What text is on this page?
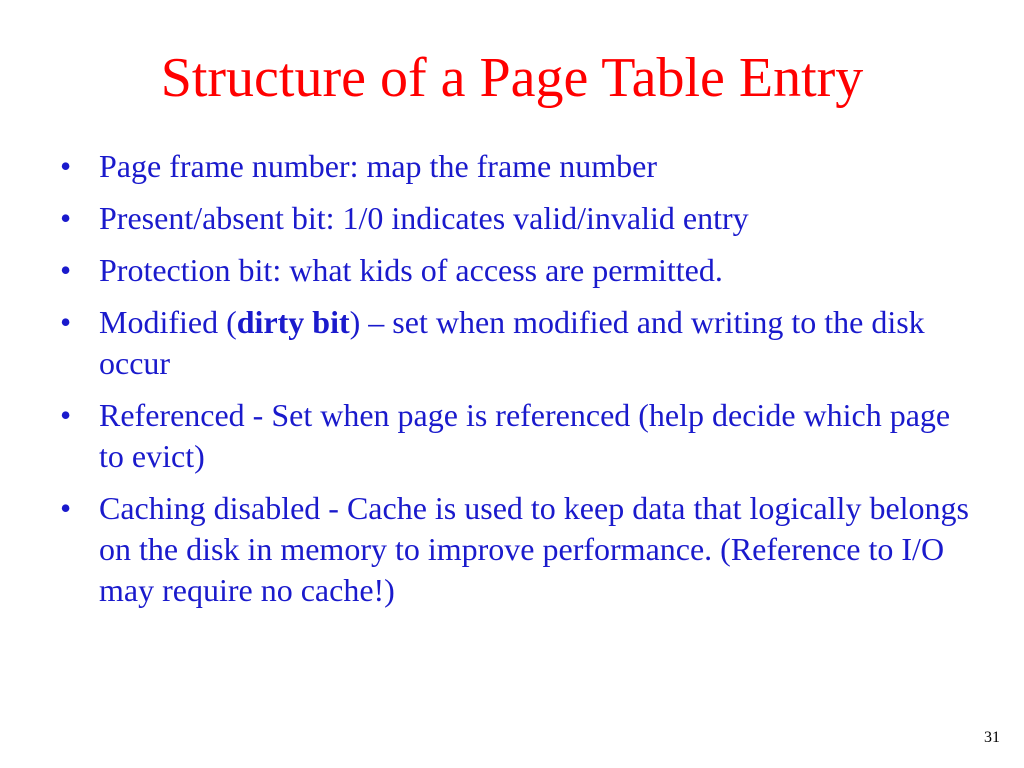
Structure of a Page Table Entry
• Page frame number: map the frame number
• Present/absent bit: 1/0 indicates valid/invalid entry
• Protection bit: what kids of access are permitted.
• Modified (dirty bit) – set when modified and writing to the disk occur
• Referenced - Set when page is referenced (help decide which page to evict)
• Caching disabled - Cache is used to keep data that logically belongs on the disk in memory to improve performance. (Reference to I/O may require no cache!)
31
